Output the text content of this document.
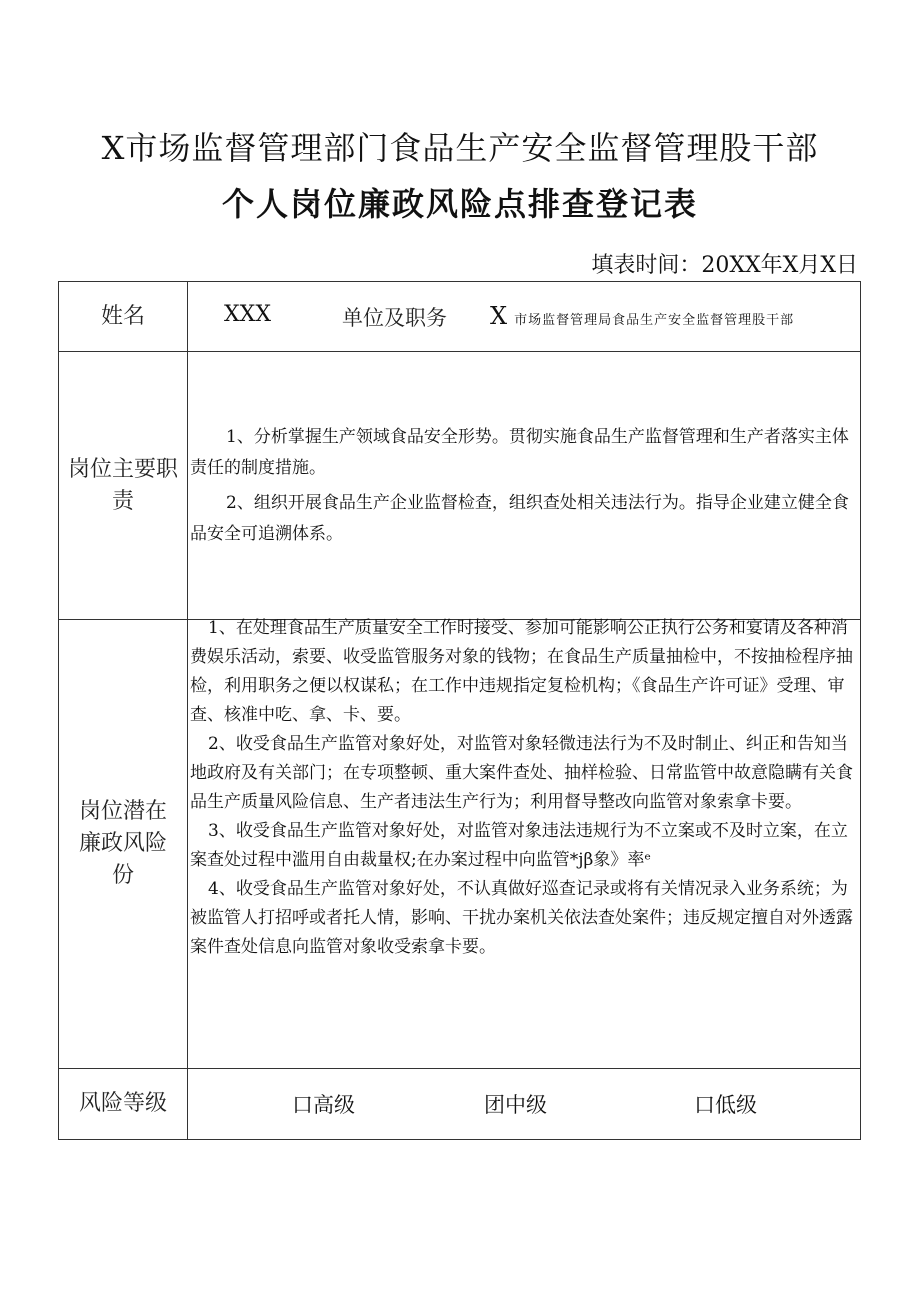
X市场监督管理部门食品生产安全监督管理股干部
个人岗位廉政风险点排查登记表
填表时间：20XX年X月X日
姓名	XXX 单位及职务 X 市场监督管理局食品生产安全监督管理股干部

岗位主要职责	1、分析掌握生产领域食品安全形势。贯彻实施食品生产监督管理和生产者落实主体责任的制度措施。

2、组织开展食品生产企业监督检查，组织查处相关违法行为。指导企业建立健全食品安全可追溯体系。

岗位潜在廉政风险份	1、在处理食品生产质量安全工作时接受、参加可能影响公正执行公务和宴请及各种消费娱乐活动，索要、收受监管服务对象的钱物；在食品生产质量抽检中，不按抽检程序抽检，利用职务之便以权谋私；在工作中违规指定复检机构；《食品生产许可证》受理、审查、核准中吃、拿、卡、要。

2、收受食品生产监管对象好处，对监管对象轻微违法行为不及时制止、纠正和告知当地政府及有关部门；在专项整顿、重大案件查处、抽样检验、日常监管中故意隐瞒有关食品生产质量风险信息、生产者违法生产行为；利用督导整改向监管对象索拿卡要。

3、收受食品生产监管对象好处，对监管对象违法违规行为不立案或不及时立案，在立案查处过程中滥用自由裁量权;在办案过程中向监管*jβ象》率ᵉ

4、收受食品生产监管对象好处，不认真做好巡查记录或将有关情况录入业务系统；为被监管人打招呼或者托人情，影响、干扰办案机关依法查处案件；违反规定擅自对外透露案件查处信息向监管对象收受索拿卡要。

风险等级	口高级 团中级 口低级
